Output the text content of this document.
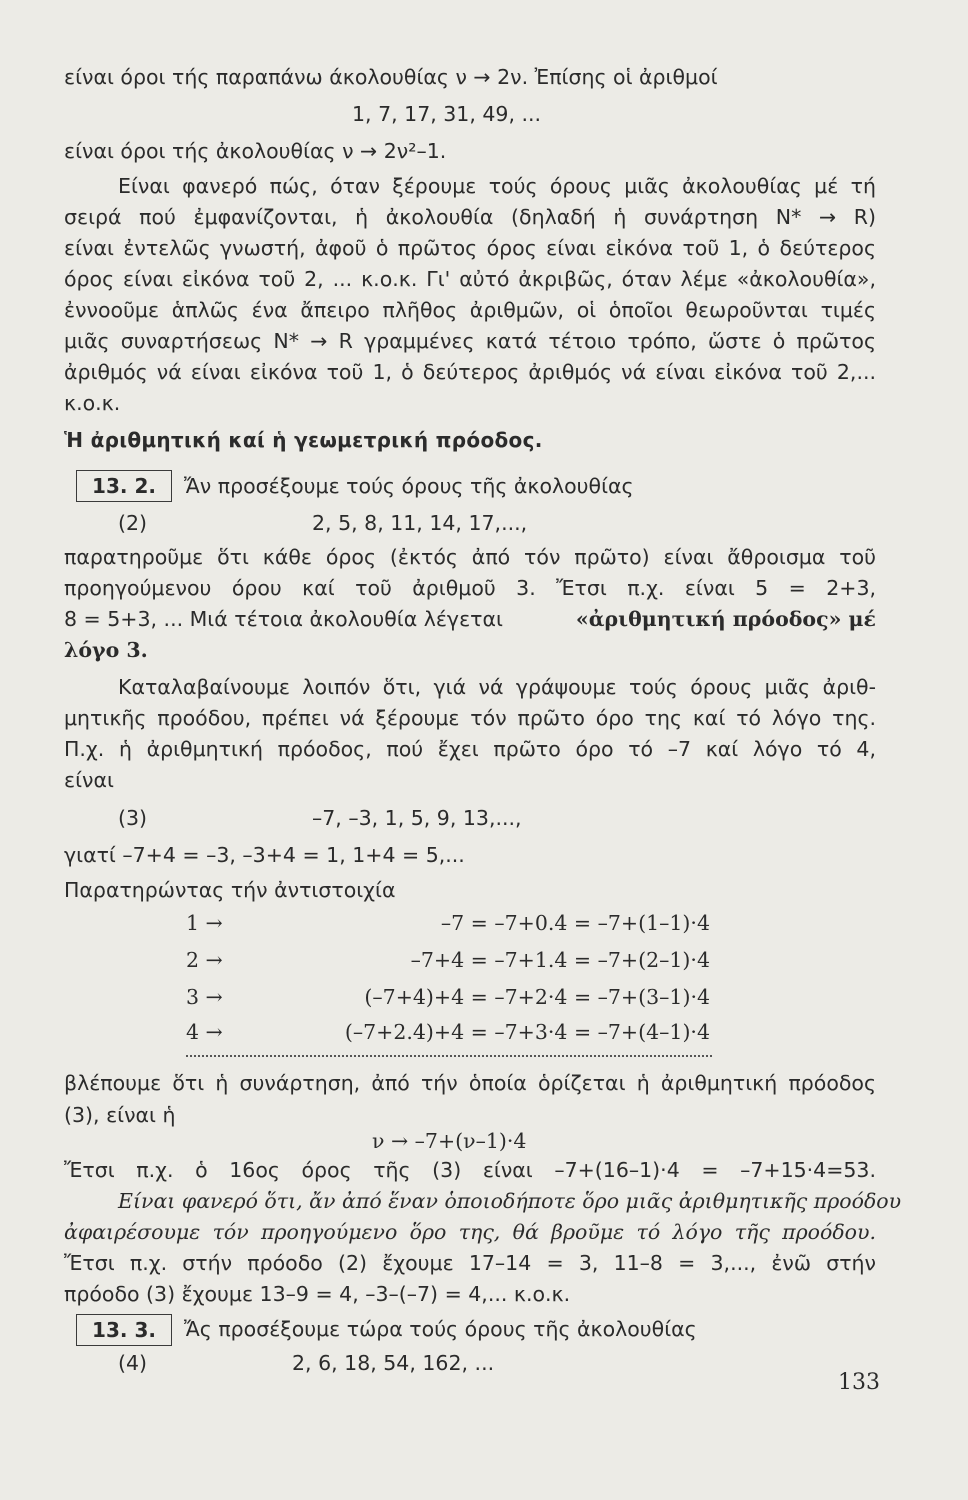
είναι όροι τής παραπάνω άκολουθίας ν → 2ν. Ἐπίσης οἱ ἀριθμοί
1, 7, 17, 31, 49, ...
είναι όροι τής ἀκολουθίας ν → 2ν²–1.
Είναι φανερό πώς, όταν ξέρουμε τούς όρους μιᾶς ἀκολουθίας μέ τή
σειρά πού ἐμφανίζονται, ἡ ἀκολουθία (δηλαδή ἡ συνάρτηση N* → R)
είναι ἐντελῶς γνωστή, ἀφοῦ ὁ πρῶτος όρος είναι εἰκόνα τοῦ 1, ὁ δεύτερος
όρος είναι εἰκόνα τοῦ 2, ... κ.ο.κ. Γι' αὐτό ἀκριβῶς, όταν λέμε «ἀκολουθία»,
ἐννοοῦμε ἁπλῶς ένα ἄπειρο πλῆθος ἀριθμῶν, οἱ ὁποῖοι θεωροῦνται τιμές
μιᾶς συναρτήσεως N* → R γραμμένες κατά τέτοιο τρόπο, ὥστε ὁ πρῶτος
ἀριθμός νά είναι εἰκόνα τοῦ 1, ὁ δεύτερος ἀριθμός νά είναι εἰκόνα τοῦ 2,...
κ.ο.κ.
Ἡ ἀριθμητική καί ἡ γεωμετρική πρόοδος.
13. 2.	Ἄν προσέξουμε τούς όρους τῆς ἀκολουθίας
(2)	2, 5, 8, 11, 14, 17,...,
παρατηροῦμε ὅτι κάθε όρος (ἐκτός ἀπό τόν πρῶτο) είναι ἄθροισμα τοῦ
προηγούμενου όρου καί τοῦ ἀριθμοῦ 3. Ἔτσι π.χ. είναι 5 = 2+3,
8 = 5+3, ... Μιά τέτοια ἀκολουθία λέγεται	«ἀριθμητική πρόοδος» μέ
λόγο 3.
Καταλαβαίνουμε λοιπόν ὅτι, γιά νά γράψουμε τούς όρους μιᾶς ἀριθ-
μητικῆς προόδου, πρέπει νά ξέρουμε τόν πρῶτο όρο της καί τό λόγο της.
Π.χ. ἡ ἀριθμητική πρόοδος, πού ἔχει πρῶτο όρο τό –7 καί λόγο τό 4,
είναι
(3)	–7, –3, 1, 5, 9, 13,...,
γιατί –7+4 = –3, –3+4 = 1, 1+4 = 5,...
Παρατηρώντας τήν ἀντιστοιχία
1 →	–7 = –7+0.4 = –7+(1–1)·4
2 →	–7+4 = –7+1.4 = –7+(2–1)·4
3 →	(–7+4)+4 = –7+2·4 = –7+(3–1)·4
4 →	(–7+2.4)+4 = –7+3·4 = –7+(4–1)·4
βλέπουμε ὅτι ἡ συνάρτηση, ἀπό τήν ὁποία ὁρίζεται ἡ ἀριθμητική πρόοδος
(3), είναι ἡ
ν → –7+(ν–1)·4
Ἔτσι π.χ. ὁ 16ος όρος τῆς (3) είναι –7+(16–1)·4 = –7+15·4=53.
Είναι φανερό ὅτι, ἄν ἀπό ἕναν ὁποιοδήποτε ὅρο μιᾶς ἀριθμητικῆς προόδου
ἀφαιρέσουμε τόν προηγούμενο ὅρο της, θά βροῦμε τό λόγο τῆς προόδου.
Ἔτσι π.χ. στήν πρόοδο (2) ἔχουμε 17–14 = 3, 11–8 = 3,..., ἐνῶ στήν
πρόοδο (3) ἔχουμε 13–9 = 4, –3–(–7) = 4,... κ.ο.κ.
13. 3.	Ἄς προσέξουμε τώρα τούς όρους τῆς ἀκολουθίας
(4)	2, 6, 18, 54, 162, ...
133
